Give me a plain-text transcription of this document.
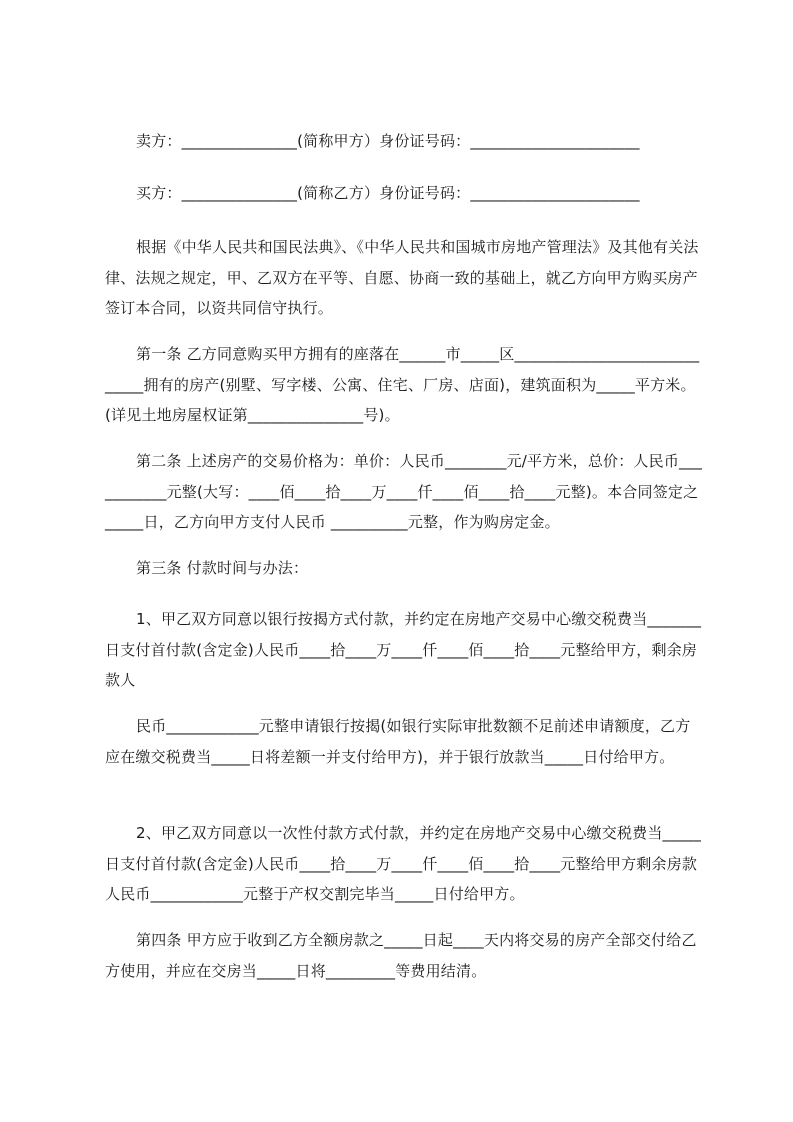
卖方：_______________(简称甲方）身份证号码：______________________

买方：_______________(简称乙方）身份证号码：______________________

根据《中华人民共和国民法典》、《中华人民共和国城市房地产管理法》及其他有关法律、法规之规定，甲、乙双方在平等、自愿、协商一致的基础上，就乙方向甲方购买房产签订本合同，以资共同信守执行。

第一条 乙方同意购买甲方拥有的座落在______市_____区_____________________________拥有的房产(别墅、写字楼、公寓、住宅、厂房、店面)，建筑面积为_____平方米。(详见土地房屋权证第_______________号)。

第二条 上述房产的交易价格为：单价：人民币________元/平方米，总价：人民币___________元整(大写：____佰____拾____万____仟____佰____拾____元整)。本合同签定之_____日，乙方向甲方支付人民币 __________元整，作为购房定金。

第三条 付款时间与办法：

1、甲乙双方同意以银行按揭方式付款，并约定在房地产交易中心缴交税费当_______日支付首付款(含定金)人民币____拾____万____仟____佰____拾____元整给甲方，剩余房款人

民币____________元整申请银行按揭(如银行实际审批数额不足前述申请额度，乙方应在缴交税费当_____日将差额一并支付给甲方)，并于银行放款当_____日付给甲方。

2、甲乙双方同意以一次性付款方式付款，并约定在房地产交易中心缴交税费当_____日支付首付款(含定金)人民币____拾____万____仟____佰____拾____元整给甲方剩余房款人民币____________元整于产权交割完毕当_____日付给甲方。

第四条 甲方应于收到乙方全额房款之_____日起____天内将交易的房产全部交付给乙方使用，并应在交房当_____日将_________等费用结清。
